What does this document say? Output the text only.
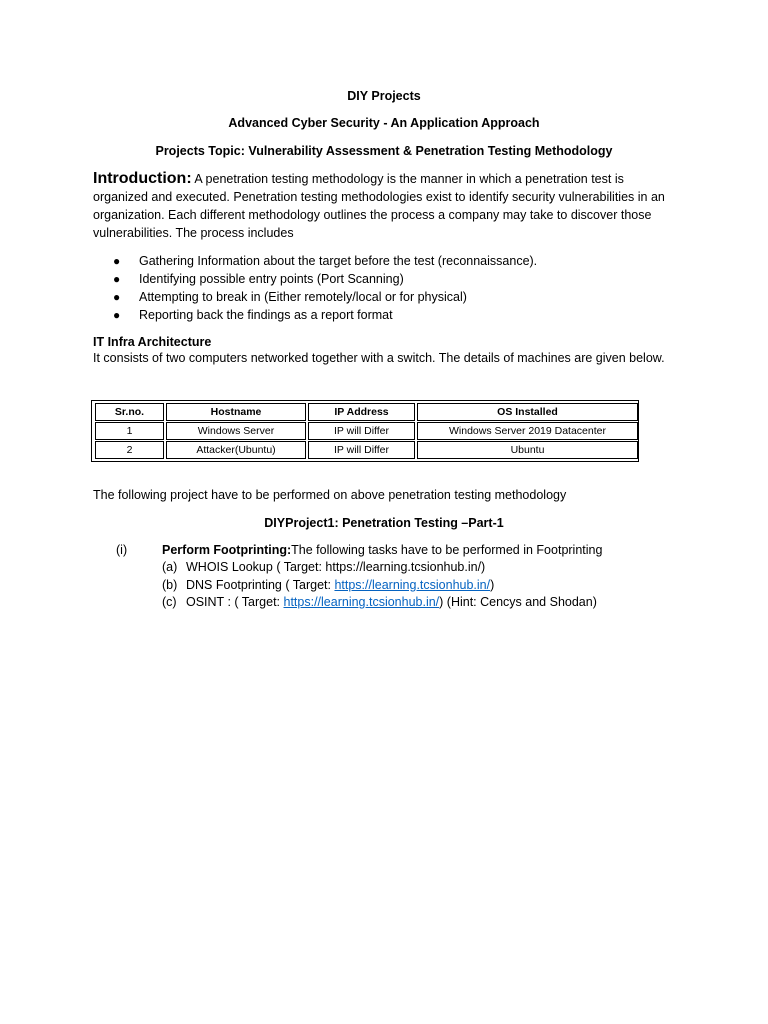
DIY Projects
Advanced Cyber Security - An Application Approach
Projects Topic: Vulnerability Assessment & Penetration Testing Methodology
Introduction: A penetration testing methodology is the manner in which a penetration test is organized and executed. Penetration testing methodologies exist to identify security vulnerabilities in an organization. Each different methodology outlines the process a company may take to discover those vulnerabilities. The process includes
● Gathering Information about the target before the test (reconnaissance).
● Identifying possible entry points (Port Scanning)
● Attempting to break in (Either remotely/local or for physical)
● Reporting back the findings as a report format
IT Infra Architecture
It consists of two computers networked together with a switch. The details of machines are given below.
Sr.no.	Hostname	IP Address	OS Installed
1	Windows Server	IP will Differ	Windows Server 2019 Datacenter
2	Attacker(Ubuntu)	IP will Differ	Ubuntu
The following project have to be performed on above penetration testing methodology
DIYProject1: Penetration Testing –Part-1
(i)	Perform Footprinting:The following tasks have to be performed in Footprinting
(a) WHOIS Lookup ( Target: https://learning.tcsionhub.in/)
(b) DNS Footprinting ( Target: https://learning.tcsionhub.in/)
(c) OSINT : ( Target: https://learning.tcsionhub.in/) (Hint: Cencys and Shodan)
